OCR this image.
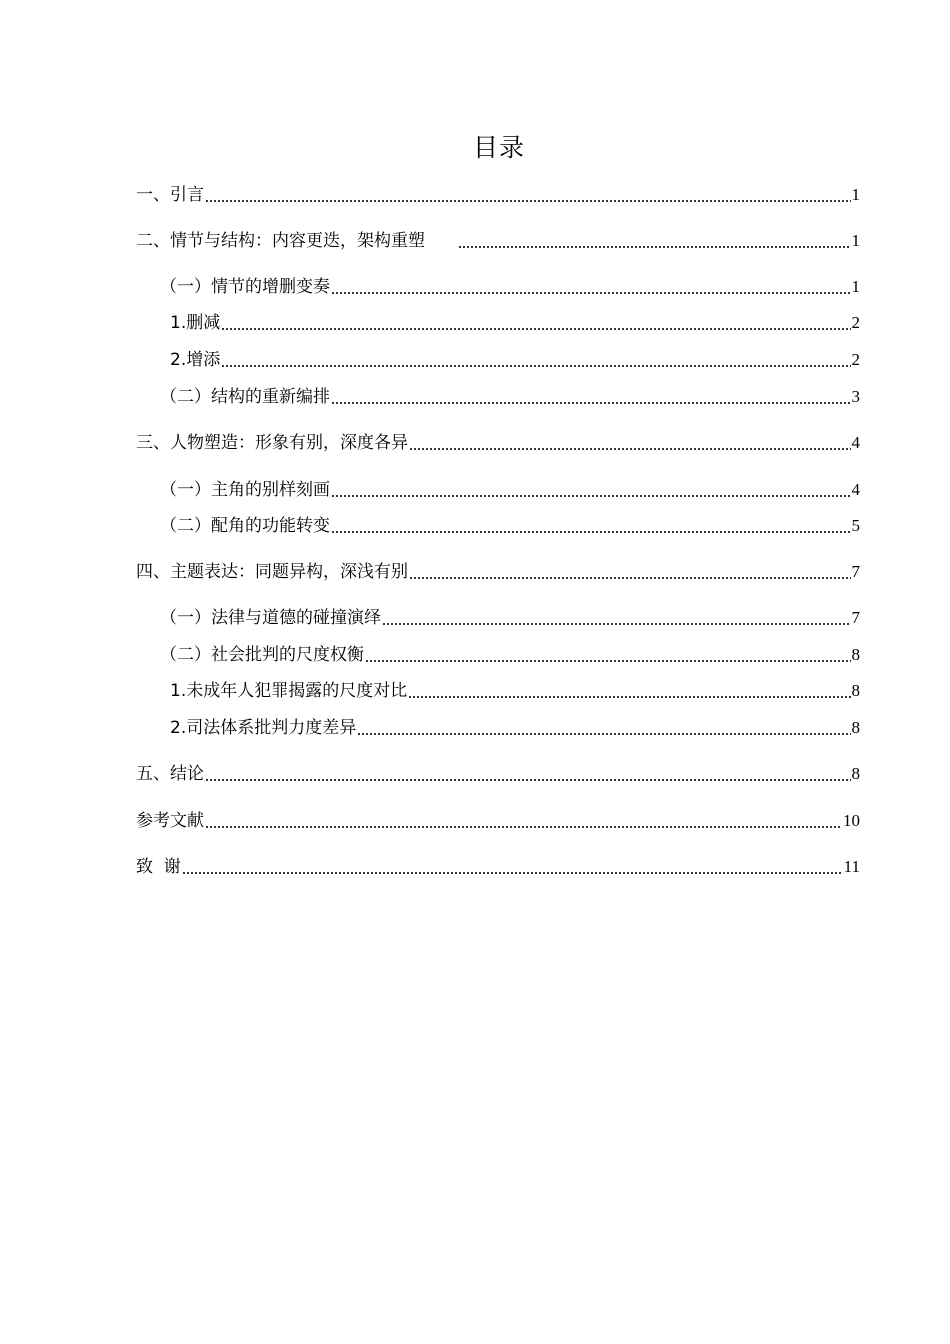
目录
一、引言	1
二、情节与结构：内容更迭，架构重塑	1
（一）情节的增删变奏	1
1.删减	2
2.增添	2
（二）结构的重新编排	3
三、人物塑造：形象有别，深度各异	4
（一）主角的别样刻画	4
（二）配角的功能转变	5
四、主题表达：同题异构，深浅有别	7
（一）法律与道德的碰撞演绎	7
（二）社会批判的尺度权衡	8
1.未成年人犯罪揭露的尺度对比	8
2.司法体系批判力度差异	8
五、结论	8
参考文献	10
致  谢	11
